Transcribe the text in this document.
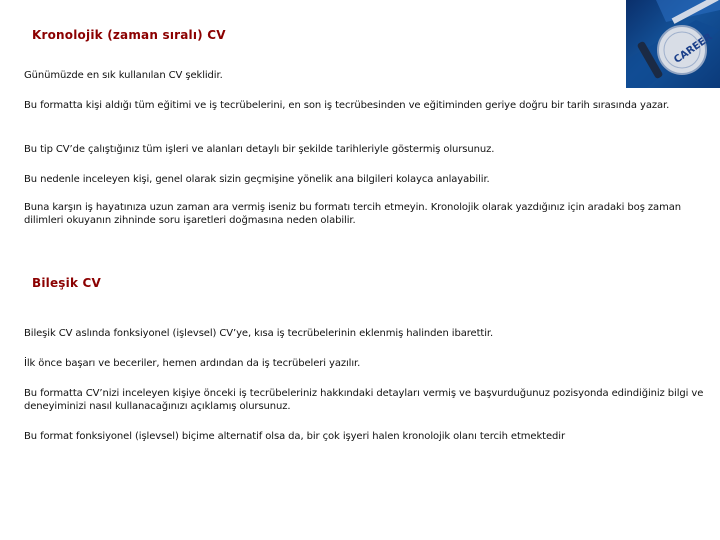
CAREER
Kronolojik (zaman sıralı) CV
Günümüzde en sık kullanılan CV şeklidir.
Bu formatta kişi aldığı tüm eğitimi ve iş tecrübelerini, en son iş tecrübesinden ve eğitiminden geriye doğru bir tarih sırasında yazar.
Bu tip CV’de çalıştığınız tüm işleri ve alanları detaylı bir şekilde tarihleriyle göstermiş olursunuz.
Bu nedenle inceleyen kişi, genel olarak sizin geçmişine yönelik ana bilgileri kolayca anlayabilir.
Buna karşın iş hayatınıza uzun zaman ara vermiş iseniz bu formatı tercih etmeyin. Kronolojik olarak yazdığınız için aradaki boş zaman dilimleri okuyanın zihninde soru işaretleri doğmasına neden olabilir.
Bileşik CV
Bileşik CV aslında fonksiyonel (işlevsel) CV’ye, kısa iş tecrübelerinin eklenmiş halinden ibarettir.
İlk önce başarı ve beceriler, hemen ardından da iş tecrübeleri yazılır.
Bu formatta CV’nizi inceleyen kişiye önceki iş tecrübeleriniz hakkındaki detayları vermiş ve başvurduğunuz pozisyonda edindiğiniz bilgi ve deneyiminizi nasıl kullanacağınızı açıklamış olursunuz.
Bu format fonksiyonel (işlevsel) biçime alternatif olsa da, bir çok işyeri halen kronolojik olanı tercih etmektedir
